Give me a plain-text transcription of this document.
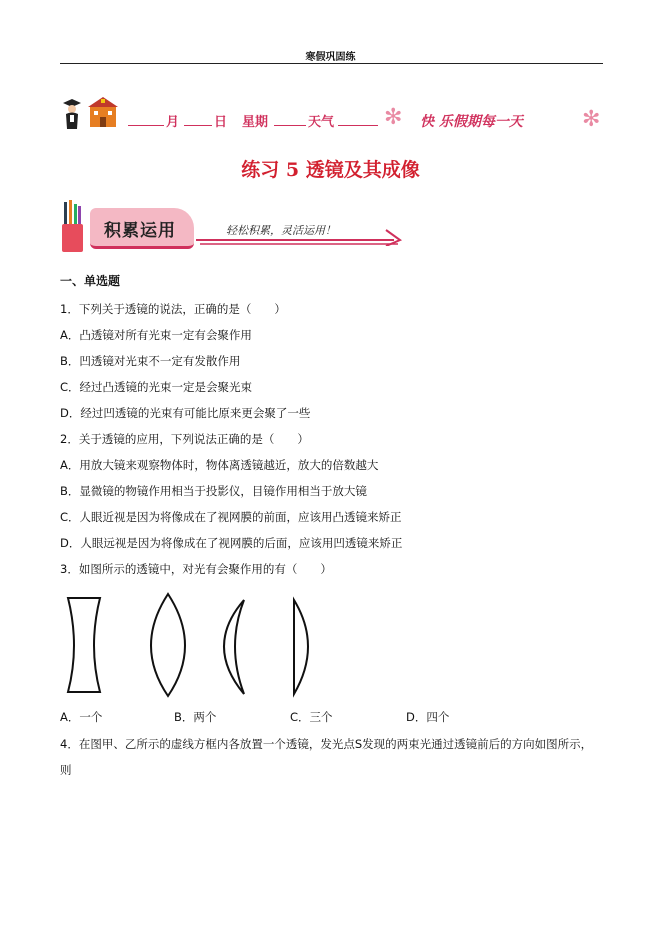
寒假巩固练
月	日 星期	天气 ✻ 快 乐假期每一天	✻
练习 5 透镜及其成像
积累运用	轻松积累，灵活运用！
一、单选题
1．下列关于透镜的说法，正确的是（　　）
A．凸透镜对所有光束一定有会聚作用
B．凹透镜对光束不一定有发散作用
C．经过凸透镜的光束一定是会聚光束
D．经过凹透镜的光束有可能比原来更会聚了一些
2．关于透镜的应用，下列说法正确的是（　　）
A．用放大镜来观察物体时，物体离透镜越近，放大的倍数越大
B．显微镜的物镜作用相当于投影仪，目镜作用相当于放大镜
C．人眼近视是因为将像成在了视网膜的前面，应该用凸透镜来矫正
D．人眼远视是因为将像成在了视网膜的后面，应该用凹透镜来矫正
3．如图所示的透镜中，对光有会聚作用的有（　　）
A．一个	B．两个	C．三个	D．四个
4．在图甲、乙所示的虚线方框内各放置一个透镜，发光点S发现的两束光通过透镜前后的方向如图所示，
则
